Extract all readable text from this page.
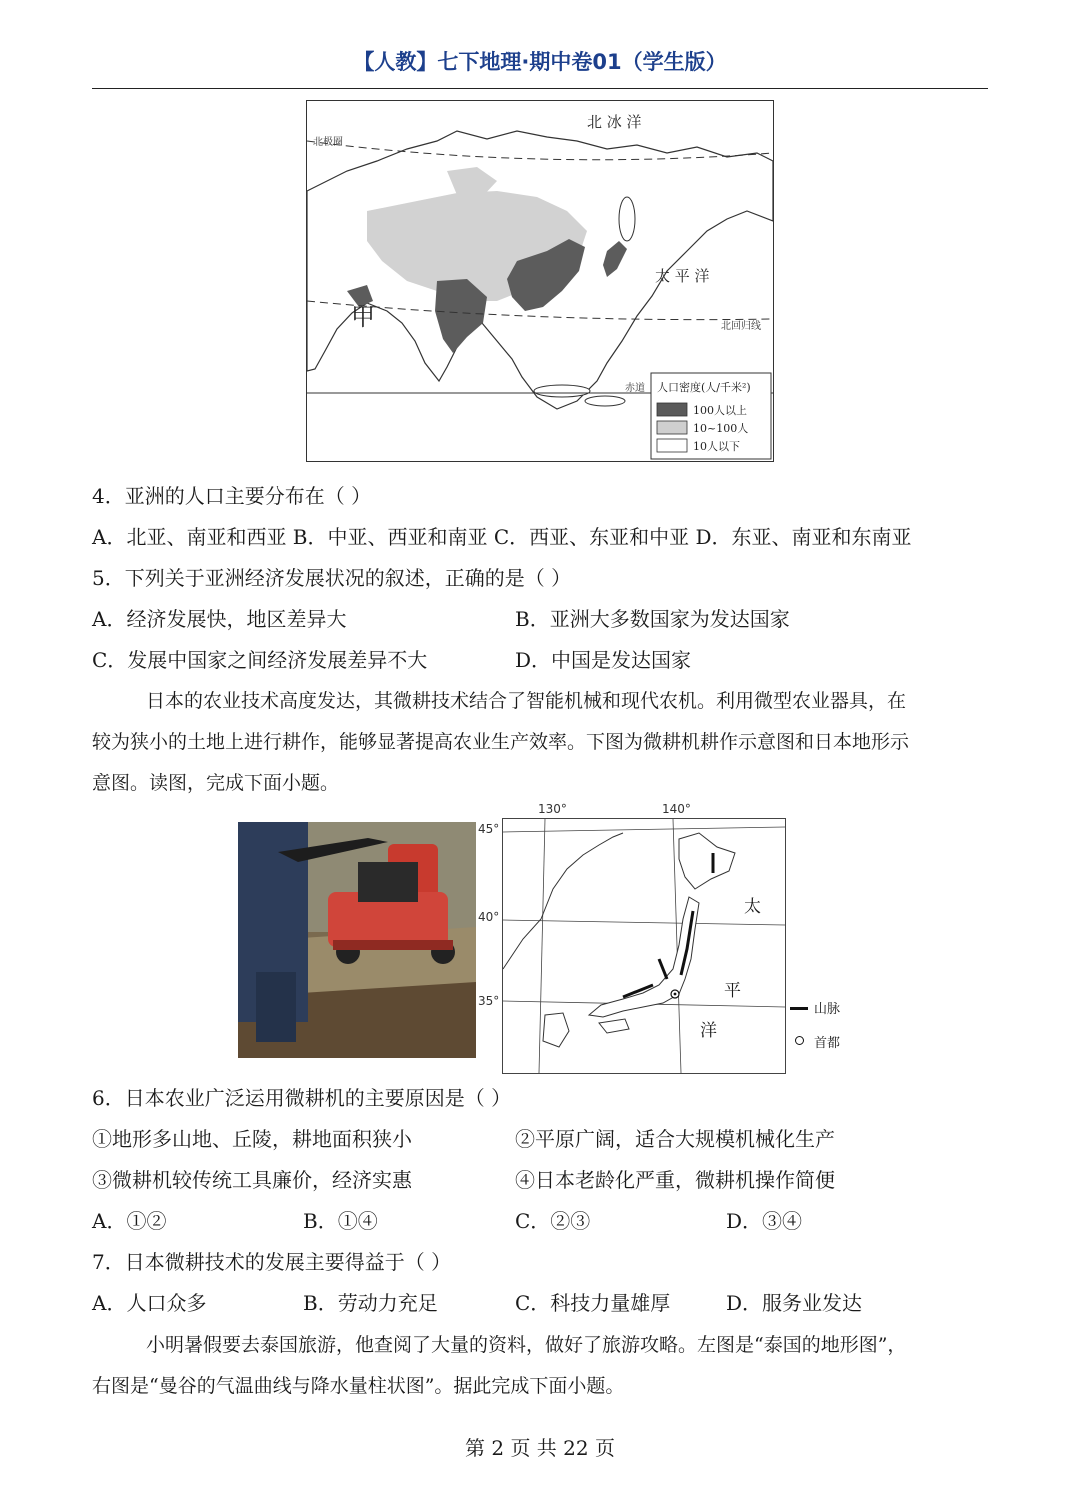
【人教】七下地理·期中卷01（学生版）
人口密度(人/千米²)
100人以上
10~100人
10人以下
北 冰 洋
太 平 洋
北极圈
北回归线
赤道
甲
4．亚洲的人口主要分布在（ ）
A．北亚、南亚和西亚 B．中亚、西亚和南亚 C．西亚、东亚和中亚 D．东亚、南亚和东南亚
5．下列关于亚洲经济发展状况的叙述，正确的是（ ）
A．经济发展快，地区差异大	B．亚洲大多数国家为发达国家
C．发展中国家之间经济发展差异不大	D．中国是发达国家
日本的农业技术高度发达，其微耕技术结合了智能机械和现代农机。利用微型农业器具，在
较为狭小的土地上进行耕作，能够显著提高农业生产效率。下图为微耕机耕作示意图和日本地形示
意图。读图，完成下面小题。
130°	140°
45°
40°
35°
太
平
洋
山脉
首都
6．日本农业广泛运用微耕机的主要原因是（ ）
①地形多山地、丘陵，耕地面积狭小	②平原广阔，适合大规模机械化生产
③微耕机较传统工具廉价，经济实惠	④日本老龄化严重，微耕机操作简便
A．①②	B．①④	C．②③	D．③④
7．日本微耕技术的发展主要得益于（ ）
A．人口众多	B．劳动力充足	C．科技力量雄厚	D．服务业发达
小明暑假要去泰国旅游，他查阅了大量的资料，做好了旅游攻略。左图是“泰国的地形图”，
右图是“曼谷的气温曲线与降水量柱状图”。据此完成下面小题。
第 2 页 共 22 页
